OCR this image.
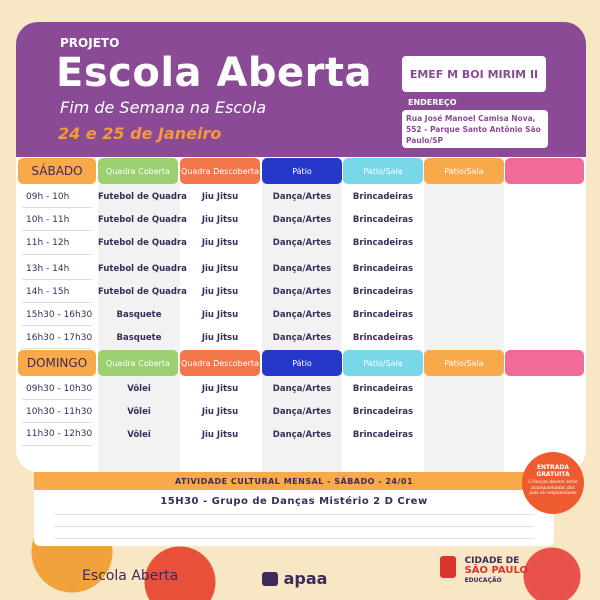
PROJETO
Escola Aberta
Fim de Semana na Escola
24 e 25 de Janeiro
EMEF M BOI MIRIM II
ENDEREÇO
Rua José Manoel Camisa Nova, 552 - Parque Santo Antônio São Paulo/SP
SÁBADO	Quadra Coberta	Quadra Descoberta	Pátio	Pátio/Sala	Pátio/Sala
09h - 10h	Futebol de Quadra	Jiu Jitsu	Dança/Artes	Brincadeiras
10h - 11h	Futebol de Quadra	Jiu Jitsu	Dança/Artes	Brincadeiras
11h - 12h	Futebol de Quadra	Jiu Jitsu	Dança/Artes	Brincadeiras
13h - 14h	Futebol de Quadra	Jiu Jitsu	Dança/Artes	Brincadeiras
14h - 15h	Futebol de Quadra	Jiu Jitsu	Dança/Artes	Brincadeiras
15h30 - 16h30	Basquete	Jiu Jitsu	Dança/Artes	Brincadeiras
16h30 - 17h30	Basquete	Jiu Jitsu	Dança/Artes	Brincadeiras
DOMINGO	Quadra Coberta	Quadra Descoberta	Pátio	Pátio/Sala	Pátio/Sala
09h30 - 10h30	Vôlei	Jiu Jitsu	Dança/Artes	Brincadeiras
10h30 - 11h30	Vôlei	Jiu Jitsu	Dança/Artes	Brincadeiras
11h30 - 12h30	Vôlei	Jiu Jitsu	Dança/Artes	Brincadeiras
ATIVIDADE CULTURAL MENSAL - SÁBADO - 24/01
15H30 - Grupo de Danças Mistério 2 D Crew
ENTRADA GRATUITA
Crianças devem estar acompanhadas dos pais ou responsáveis
Escola Aberta	apaa

CIDADE DE
SÃO PAULO
EDUCAÇÃO
